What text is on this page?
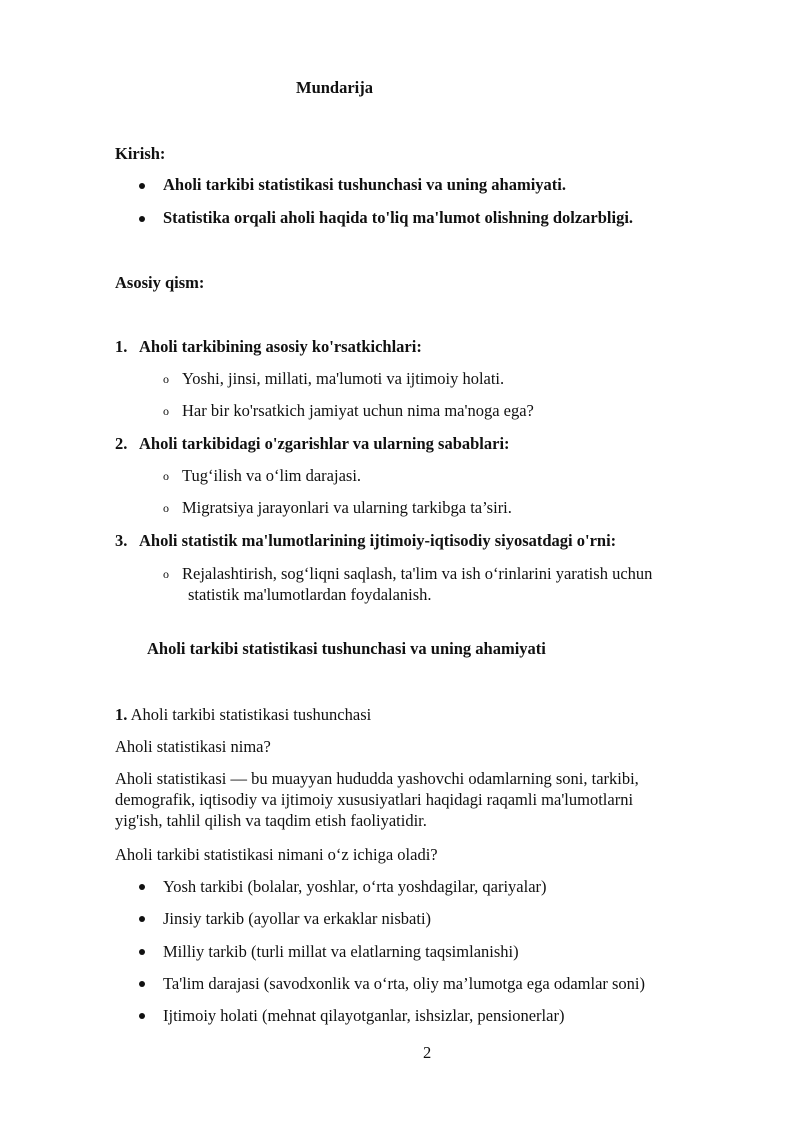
Mundarija
Kirish:
Aholi tarkibi statistikasi tushunchasi va uning ahamiyati.
Statistika orqali aholi haqida to'liq ma'lumot olishning dolzarbligi.
Asosiy qism:
1. Aholi tarkibining asosiy ko'rsatkichlari:
o Yoshi, jinsi, millati, ma'lumoti va ijtimoiy holati.
o Har bir ko'rsatkich jamiyat uchun nima ma'noga ega?
2. Aholi tarkibidagi o'zgarishlar va ularning sabablari:
o Tug‘ilish va o‘lim darajasi.
o Migratsiya jarayonlari va ularning tarkibga ta’siri.
3. Aholi statistik ma'lumotlarining ijtimoiy-iqtisodiy siyosatdagi o'rni:
o Rejalashtirish, sog‘liqni saqlash, ta'lim va ish o‘rinlarini yaratish uchun
statistik ma'lumotlardan foydalanish.
Aholi tarkibi statistikasi tushunchasi va uning ahamiyati
1. Aholi tarkibi statistikasi tushunchasi
Aholi statistikasi nima?
Aholi statistikasi — bu muayyan hududda yashovchi odamlarning soni, tarkibi,
demografik, iqtisodiy va ijtimoiy xususiyatlari haqidagi raqamli ma'lumotlarni
yig'ish, tahlil qilish va taqdim etish faoliyatidir.
Aholi tarkibi statistikasi nimani o‘z ichiga oladi?
Yosh tarkibi (bolalar, yoshlar, o‘rta yoshdagilar, qariyalar)
Jinsiy tarkib (ayollar va erkaklar nisbati)
Milliy tarkib (turli millat va elatlarning taqsimlanishi)
Ta'lim darajasi (savodxonlik va o‘rta, oliy ma’lumotga ega odamlar soni)
Ijtimoiy holati (mehnat qilayotganlar, ishsizlar, pensionerlar)
2
